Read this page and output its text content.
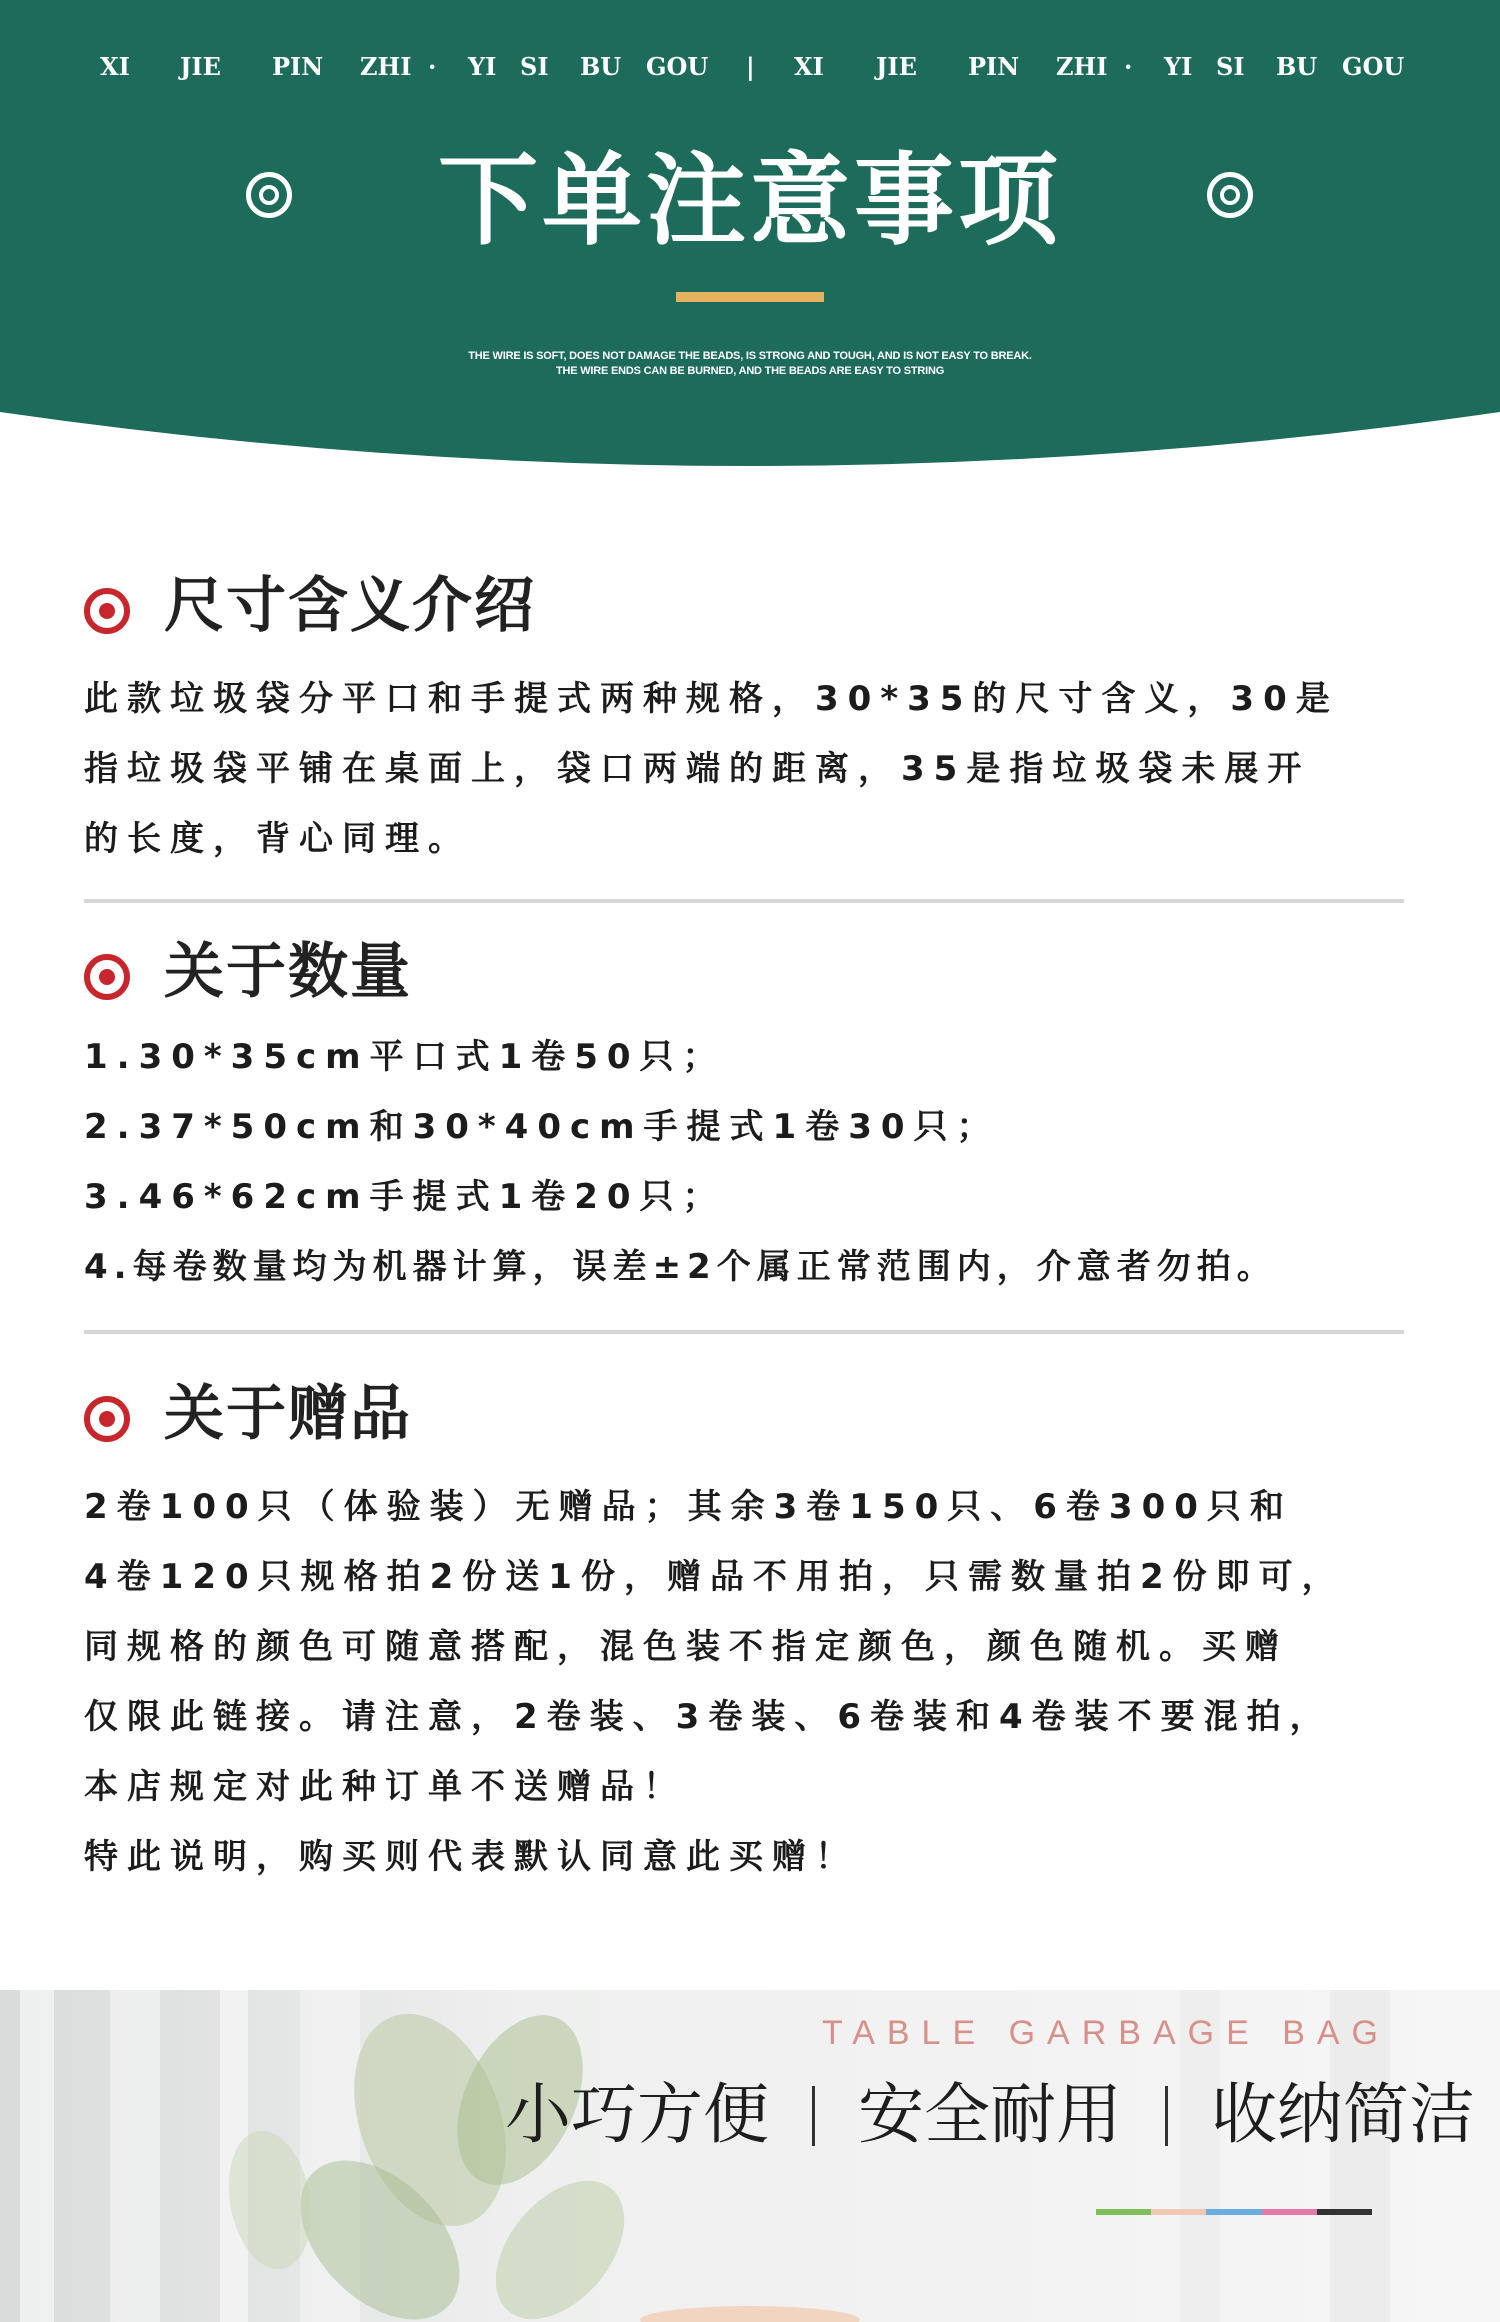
XI JIE PIN ZHI · YI SI BU GOU | XI JIE PIN ZHI · YI SI BU GOU
下单注意事项
THE WIRE IS SOFT, DOES NOT DAMAGE THE BEADS, IS STRONG AND TOUGH, AND IS NOT EASY TO BREAK.
THE WIRE ENDS CAN BE BURNED, AND THE BEADS ARE EASY TO STRING
尺寸含义介绍
此款垃圾袋分平口和手提式两种规格，30*35的尺寸含义，30是
指垃圾袋平铺在桌面上，袋口两端的距离，35是指垃圾袋未展开
的长度，背心同理。
关于数量
1.30*35cm平口式1卷50只；
2.37*50cm和30*40cm手提式1卷30只；
3.46*62cm手提式1卷20只；
4.每卷数量均为机器计算，误差±2个属正常范围内，介意者勿拍。
关于赠品
2卷100只（体验装）无赠品；其余3卷150只、6卷300只和
4卷120只规格拍2份送1份，赠品不用拍，只需数量拍2份即可，
同规格的颜色可随意搭配，混色装不指定颜色，颜色随机。买赠
仅限此链接。请注意，2卷装、3卷装、6卷装和4卷装不要混拍，
本店规定对此种订单不送赠品！
特此说明，购买则代表默认同意此买赠！
TABLE GARBAGE BAG
小巧方便 安全耐用 收纳简洁
